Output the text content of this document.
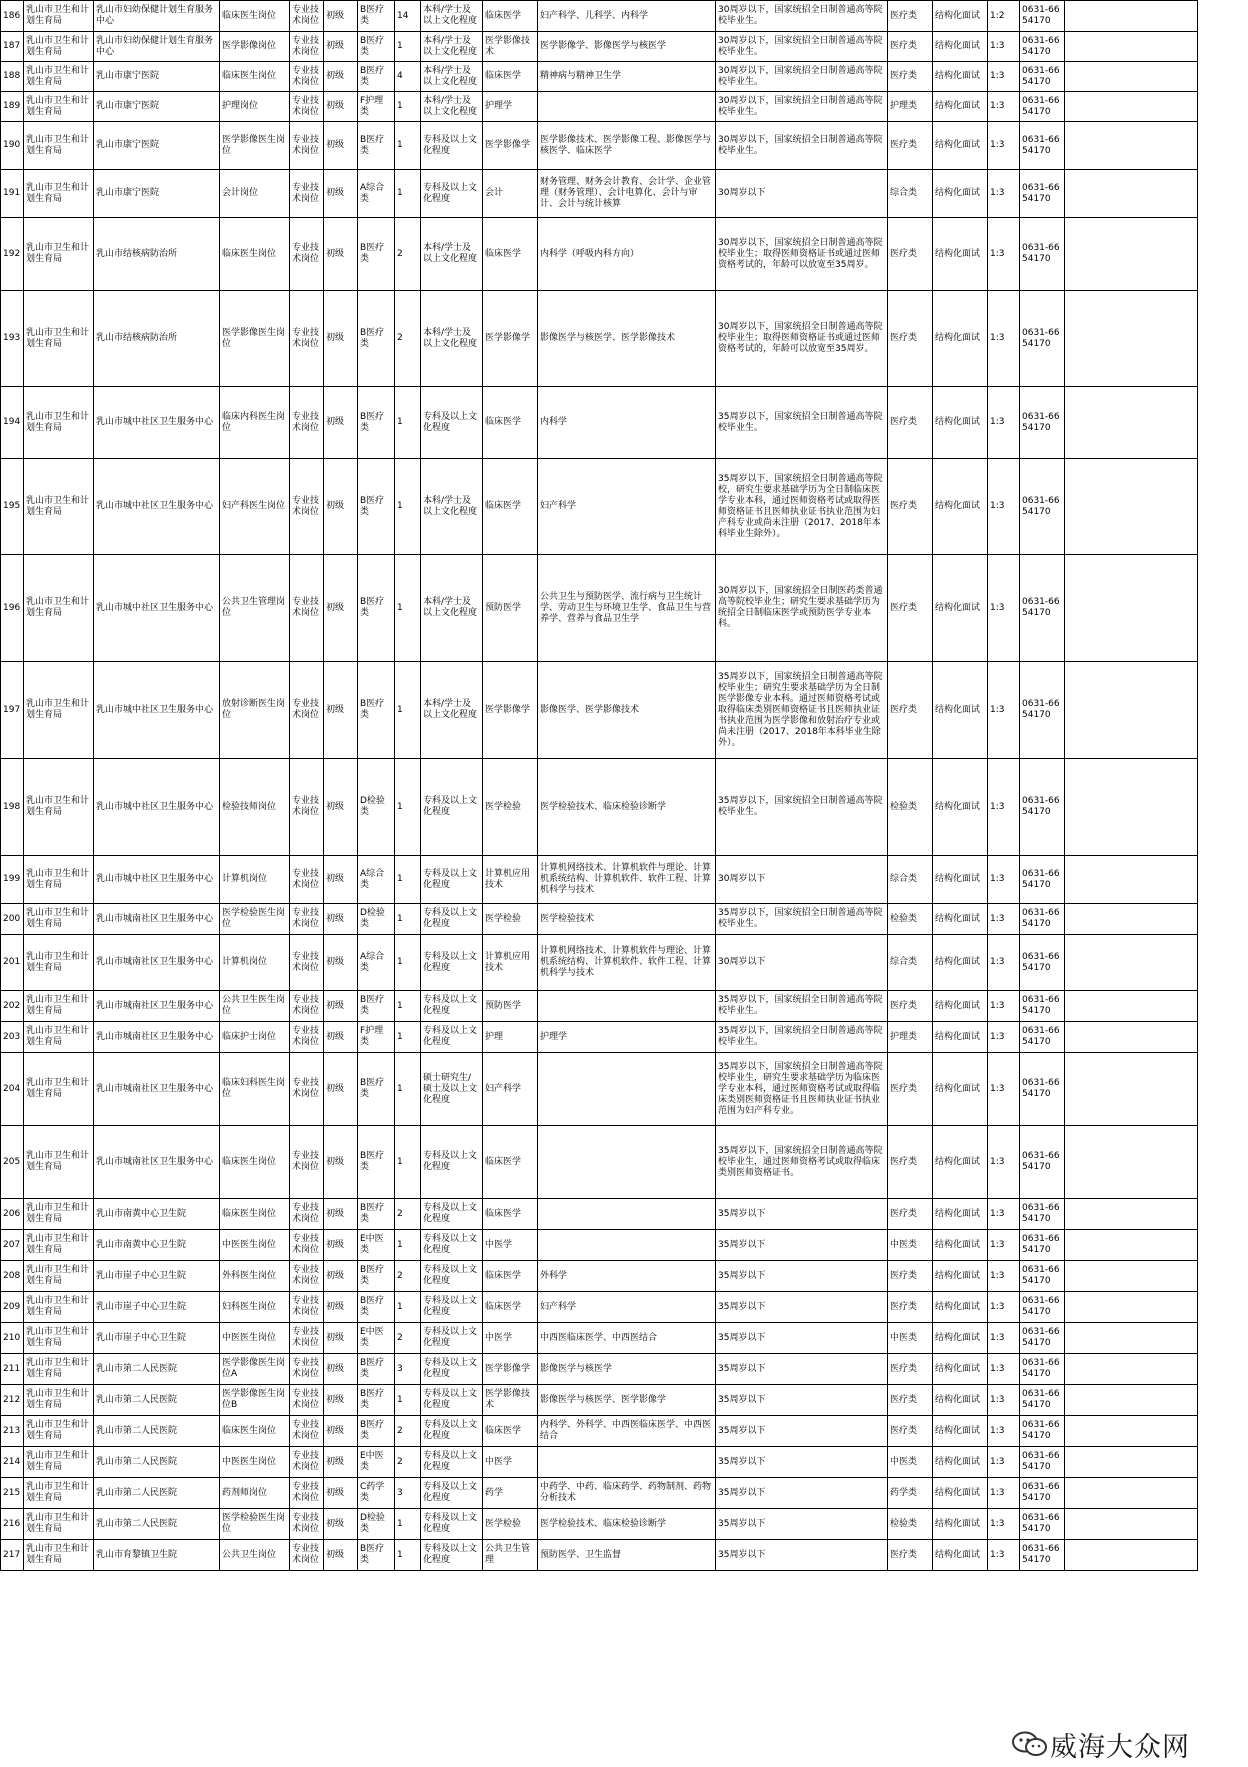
186	乳山市卫生和计划生育局	乳山市妇幼保健计划生育服务中心	临床医生岗位	专业技术岗位	初级	B医疗类	14	本科/学士及以上文化程度	临床医学	妇产科学、儿科学、内科学	30周岁以下，国家统招全日制普通高等院校毕业生。	医疗类	结构化面试	1:2	0631-6654170	
187	乳山市卫生和计划生育局	乳山市妇幼保健计划生育服务中心	医学影像岗位	专业技术岗位	初级	B医疗类	1	本科/学士及以上文化程度	医学影像技术	医学影像学、影像医学与核医学	30周岁以下，国家统招全日制普通高等院校毕业生。	医疗类	结构化面试	1:3	0631-6654170	
188	乳山市卫生和计划生育局	乳山市康宁医院	临床医生岗位	专业技术岗位	初级	B医疗类	4	本科/学士及以上文化程度	临床医学	精神病与精神卫生学	30周岁以下，国家统招全日制普通高等院校毕业生。	医疗类	结构化面试	1:3	0631-6654170	
189	乳山市卫生和计划生育局	乳山市康宁医院	护理岗位	专业技术岗位	初级	F护理类	1	本科/学士及以上文化程度	护理学		30周岁以下，国家统招全日制普通高等院校毕业生。	护理类	结构化面试	1:3	0631-6654170	
190	乳山市卫生和计划生育局	乳山市康宁医院	医学影像医生岗位	专业技术岗位	初级	B医疗类	1	专科及以上文化程度	医学影像学	医学影像技术、医学影像工程、影像医学与核医学、临床医学	30周岁以下，国家统招全日制普通高等院校毕业生。	医疗类	结构化面试	1:3	0631-6654170	
191	乳山市卫生和计划生育局	乳山市康宁医院	会计岗位	专业技术岗位	初级	A综合类	1	专科及以上文化程度	会计	财务管理、财务会计教育、会计学、企业管理（财务管理）、会计电算化、会计与审计、会计与统计核算	30周岁以下	综合类	结构化面试	1:3	0631-6654170	
192	乳山市卫生和计划生育局	乳山市结核病防治所	临床医生岗位	专业技术岗位	初级	B医疗类	2	本科/学士及以上文化程度	临床医学	内科学（呼吸内科方向）	30周岁以下，国家统招全日制普通高等院校毕业生；取得医师资格证书或通过医师资格考试的，年龄可以放宽至35周岁。	医疗类	结构化面试	1:3	0631-6654170	
193	乳山市卫生和计划生育局	乳山市结核病防治所	医学影像医生岗位	专业技术岗位	初级	B医疗类	2	本科/学士及以上文化程度	医学影像学	影像医学与核医学、医学影像技术	30周岁以下，国家统招全日制普通高等院校毕业生；取得医师资格证书或通过医师资格考试的，年龄可以放宽至35周岁。	医疗类	结构化面试	1:3	0631-6654170	
194	乳山市卫生和计划生育局	乳山市城中社区卫生服务中心	临床内科医生岗位	专业技术岗位	初级	B医疗类	1	专科及以上文化程度	临床医学	内科学	35周岁以下，国家统招全日制普通高等院校毕业生。	医疗类	结构化面试	1:3	0631-6654170	
195	乳山市卫生和计划生育局	乳山市城中社区卫生服务中心	妇产科医生岗位	专业技术岗位	初级	B医疗类	1	本科/学士及以上文化程度	临床医学	妇产科学	35周岁以下，国家统招全日制普通高等院校，研究生要求基础学历为全日制临床医学专业本科，通过医师资格考试或取得医师资格证书且医师执业证书执业范围为妇产科专业或尚未注册（2017、2018年本科毕业生除外）。	医疗类	结构化面试	1:3	0631-6654170	
196	乳山市卫生和计划生育局	乳山市城中社区卫生服务中心	公共卫生管理岗位	专业技术岗位	初级	B医疗类	1	本科/学士及以上文化程度	预防医学	公共卫生与预防医学、流行病与卫生统计学、劳动卫生与环境卫生学、食品卫生与营养学、营养与食品卫生学	30周岁以下，国家统招全日制医药类普通高等院校毕业生；研究生要求基础学历为统招全日制临床医学或预防医学专业本科。	医疗类	结构化面试	1:3	0631-6654170	
197	乳山市卫生和计划生育局	乳山市城中社区卫生服务中心	放射诊断医生岗位	专业技术岗位	初级	B医疗类	1	本科/学士及以上文化程度	医学影像学	影像医学、医学影像技术	35周岁以下，国家统招全日制普通高等院校毕业生；研究生要求基础学历为全日制医学影像专业本科。通过医师资格考试或取得临床类别医师资格证书且医师执业证书执业范围为医学影像和放射治疗专业或尚未注册（2017、2018年本科毕业生除外）。	医疗类	结构化面试	1:3	0631-6654170	
198	乳山市卫生和计划生育局	乳山市城中社区卫生服务中心	检验技师岗位	专业技术岗位	初级	D检验类	1	专科及以上文化程度	医学检验	医学检验技术、临床检验诊断学	35周岁以下，国家统招全日制普通高等院校毕业生。	检验类	结构化面试	1:3	0631-6654170	
199	乳山市卫生和计划生育局	乳山市城中社区卫生服务中心	计算机岗位	专业技术岗位	初级	A综合类	1	专科及以上文化程度	计算机应用技术	计算机网络技术、计算机软件与理论、计算机系统结构、计算机软件、软件工程、计算机科学与技术	30周岁以下	综合类	结构化面试	1:3	0631-6654170	
200	乳山市卫生和计划生育局	乳山市城南社区卫生服务中心	医学检验医生岗位	专业技术岗位	初级	D检验类	1	专科及以上文化程度	医学检验	医学检验技术	35周岁以下，国家统招全日制普通高等院校毕业生。	检验类	结构化面试	1:3	0631-6654170	
201	乳山市卫生和计划生育局	乳山市城南社区卫生服务中心	计算机岗位	专业技术岗位	初级	A综合类	1	专科及以上文化程度	计算机应用技术	计算机网络技术、计算机软件与理论、计算机系统结构、计算机软件、软件工程、计算机科学与技术	30周岁以下	综合类	结构化面试	1:3	0631-6654170	
202	乳山市卫生和计划生育局	乳山市城南社区卫生服务中心	公共卫生医生岗位	专业技术岗位	初级	B医疗类	1	专科及以上文化程度	预防医学		35周岁以下，国家统招全日制普通高等院校毕业生。	医疗类	结构化面试	1:3	0631-6654170	
203	乳山市卫生和计划生育局	乳山市城南社区卫生服务中心	临床护士岗位	专业技术岗位	初级	F护理类	1	专科及以上文化程度	护理	护理学	35周岁以下，国家统招全日制普通高等院校毕业生。	护理类	结构化面试	1:3	0631-6654170	
204	乳山市卫生和计划生育局	乳山市城南社区卫生服务中心	临床妇科医生岗位	专业技术岗位	初级	B医疗类	1	硕士研究生/硕士及以上文化程度	妇产科学		35周岁以下，国家统招全日制普通高等院校毕业生，研究生要求基础学历为临床医学专业本科，通过医师资格考试或取得临床类别医师资格证书且医师执业证书执业范围为妇产科专业。	医疗类	结构化面试	1:3	0631-6654170	
205	乳山市卫生和计划生育局	乳山市城南社区卫生服务中心	临床医生岗位	专业技术岗位	初级	B医疗类	1	专科及以上文化程度	临床医学		35周岁以下，国家统招全日制普通高等院校毕业生，通过医师资格考试或取得临床类别医师资格证书。	医疗类	结构化面试	1:3	0631-6654170	
206	乳山市卫生和计划生育局	乳山市南黄中心卫生院	临床医生岗位	专业技术岗位	初级	B医疗类	2	专科及以上文化程度	临床医学		35周岁以下	医疗类	结构化面试	1:3	0631-6654170	
207	乳山市卫生和计划生育局	乳山市南黄中心卫生院	中医医生岗位	专业技术岗位	初级	E中医类	1	专科及以上文化程度	中医学		35周岁以下	中医类	结构化面试	1:3	0631-6654170	
208	乳山市卫生和计划生育局	乳山市崖子中心卫生院	外科医生岗位	专业技术岗位	初级	B医疗类	2	专科及以上文化程度	临床医学	外科学	35周岁以下	医疗类	结构化面试	1:3	0631-6654170	
209	乳山市卫生和计划生育局	乳山市崖子中心卫生院	妇科医生岗位	专业技术岗位	初级	B医疗类	1	专科及以上文化程度	临床医学	妇产科学	35周岁以下	医疗类	结构化面试	1:3	0631-6654170	
210	乳山市卫生和计划生育局	乳山市崖子中心卫生院	中医医生岗位	专业技术岗位	初级	E中医类	2	专科及以上文化程度	中医学	中西医临床医学、中西医结合	35周岁以下	中医类	结构化面试	1:3	0631-6654170	
211	乳山市卫生和计划生育局	乳山市第二人民医院	医学影像医生岗位A	专业技术岗位	初级	B医疗类	3	专科及以上文化程度	医学影像学	影像医学与核医学	35周岁以下	医疗类	结构化面试	1:3	0631-6654170	
212	乳山市卫生和计划生育局	乳山市第二人民医院	医学影像医生岗位B	专业技术岗位	初级	B医疗类	1	专科及以上文化程度	医学影像技术	影像医学与核医学、医学影像学	35周岁以下	医疗类	结构化面试	1:3	0631-6654170	
213	乳山市卫生和计划生育局	乳山市第二人民医院	临床医生岗位	专业技术岗位	初级	B医疗类	2	专科及以上文化程度	临床医学	内科学、外科学、中西医临床医学、中西医结合	35周岁以下	医疗类	结构化面试	1:3	0631-6654170	
214	乳山市卫生和计划生育局	乳山市第二人民医院	中医医生岗位	专业技术岗位	初级	E中医类	2	专科及以上文化程度	中医学		35周岁以下	中医类	结构化面试	1:3	0631-6654170	
215	乳山市卫生和计划生育局	乳山市第二人民医院	药剂师岗位	专业技术岗位	初级	C药学类	3	专科及以上文化程度	药学	中药学、中药、临床药学、药物制剂、药物分析技术	35周岁以下	药学类	结构化面试	1:3	0631-6654170	
216	乳山市卫生和计划生育局	乳山市第二人民医院	医学检验医生岗位	专业技术岗位	初级	D检验类	1	专科及以上文化程度	医学检验	医学检验技术、临床检验诊断学	35周岁以下	检验类	结构化面试	1:3	0631-6654170	
217	乳山市卫生和计划生育局	乳山市育黎镇卫生院	公共卫生岗位	专业技术岗位	初级	B医疗类	1	专科及以上文化程度	公共卫生管理	预防医学、卫生监督	35周岁以下	医疗类	结构化面试	1:3	0631-6654170	
威海大众网
